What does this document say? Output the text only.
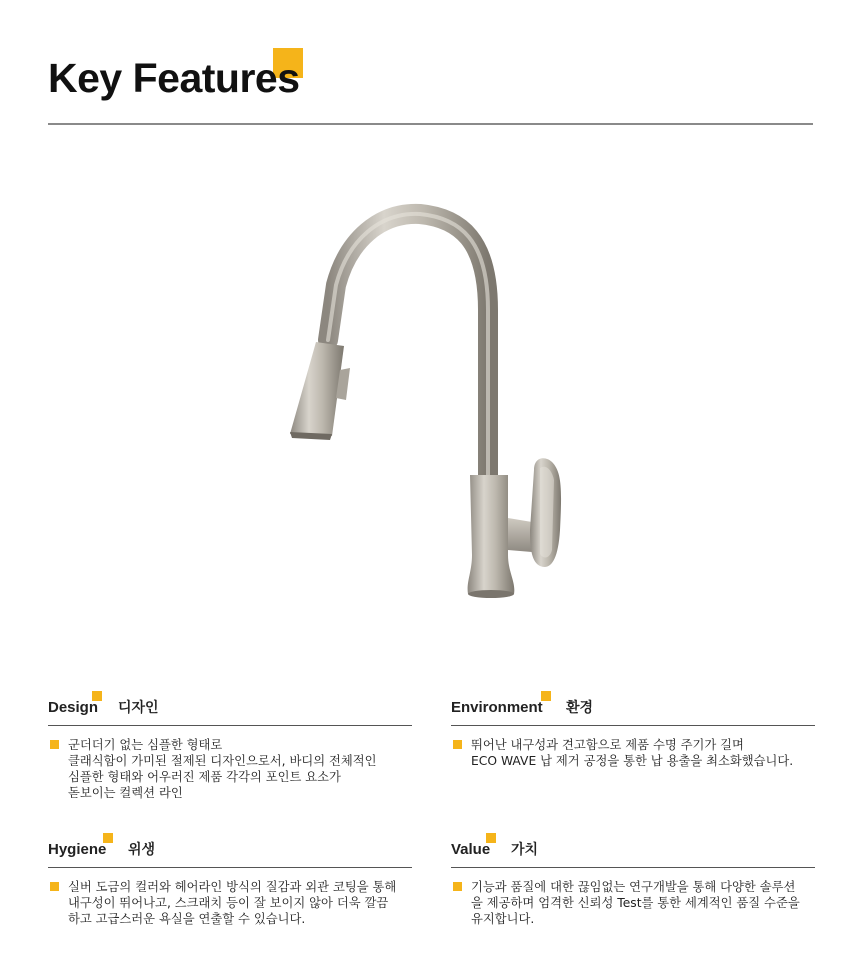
Key Features
Design 디자인
군더더기 없는 심플한 형태로
클래식함이 가미된 절제된 디자인으로서, 바디의 전체적인
심플한 형태와 어우러진 제품 각각의 포인트 요소가
돋보이는 컬렉션 라인
Environment 환경
뛰어난 내구성과 견고함으로 제품 수명 주기가 길며
ECO WAVE 납 제거 공정을 통한 납 용출을 최소화했습니다.
Hygiene 위생
실버 도금의 컬러와 헤어라인 방식의 질감과 외관 코팅을 통해
내구성이 뛰어나고, 스크래치 등이 잘 보이지 않아 더욱 깔끔
하고 고급스러운 욕실을 연출할 수 있습니다.
Value 가치
기능과 품질에 대한 끊임없는 연구개발을 통해 다양한 솔루션
을 제공하며 엄격한 신뢰성 Test를 통한 세계적인 품질 수준을
유지합니다.
